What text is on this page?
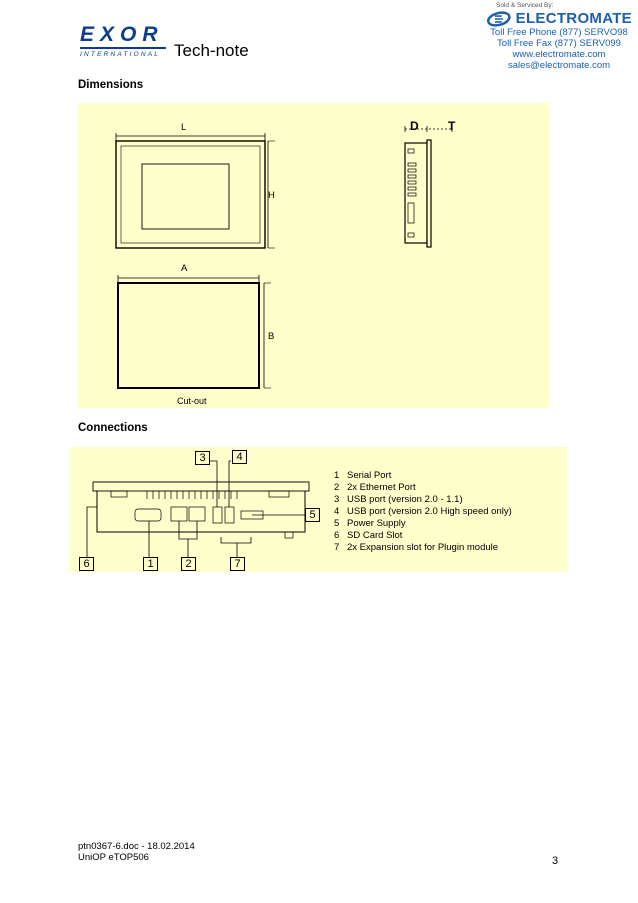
EXOR
INTERNATIONAL Tech-note
Sold & Serviced By:
ELECTROMATE
Toll Free Phone (877) SERVO98
Toll Free Fax (877) SERV099
www.electromate.com
sales@electromate.com
Dimensions
L
H
D T
A
B
Cut-out
Connections
3	4
5
6	1	2	7
1 Serial Port
2 2x Ethernet Port
3 USB port (version 2.0 - 1.1)
4 USB port (version 2.0 High speed only)
5 Power Supply
6 SD Card Slot
7 2x Expansion slot for Plugin module
ptn0367-6.doc - 18.02.2014
UniOP eTOP506	3
